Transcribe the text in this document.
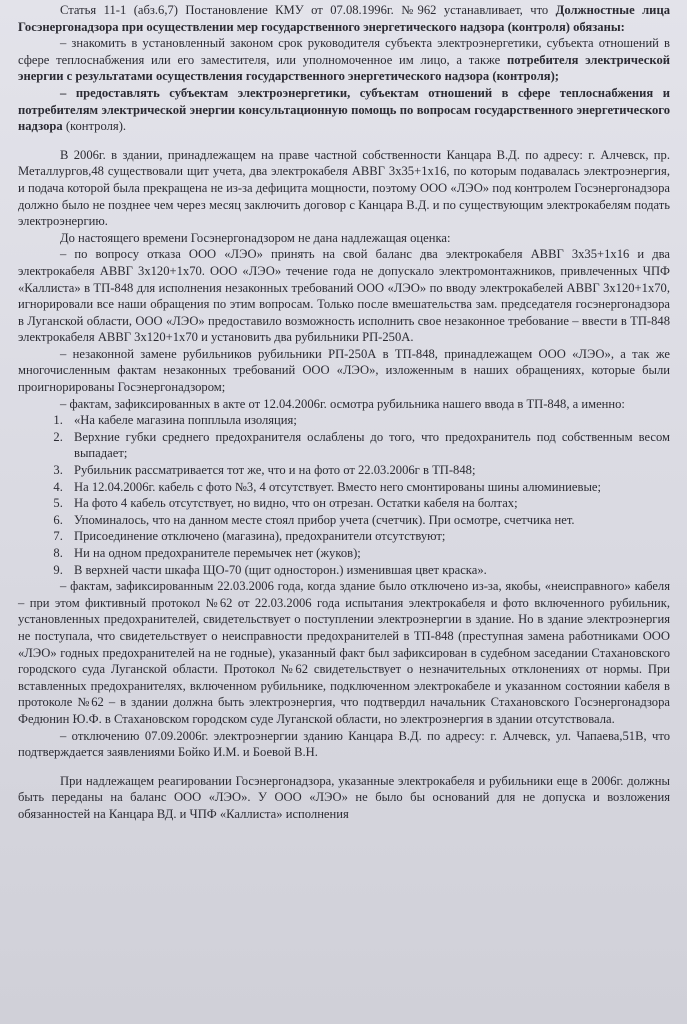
Статья 11-1 (абз.6,7) Постановление КМУ от 07.08.1996г. №962 устанавливает, что Должностные лица Госэнергонадзора при осуществлении мер государственного энергетического надзора (контроля) обязаны:

– знакомить в установленный законом срок руководителя субъекта электроэнергетики, субъекта отношений в сфере теплоснабжения или его заместителя, или уполномоченное им лицо, а также потребителя электрической энергии с результатами осуществления государственного энергетического надзора (контроля);

– предоставлять субъектам электроэнергетики, субъектам отношений в сфере теплоснабжения и потребителям электрической энергии консультационную помощь по вопросам государственного энергетического надзора (контроля).

В 2006г. в здании, принадлежащем на праве частной собственности Канцара В.Д. по адресу: г. Алчевск, пр. Металлургов,48 существовали щит учета, два электрокабеля АВВГ 3х35+1х16, по которым подавалась электроэнергия, и подача которой была прекращена не из-за дефицита мощности, поэтому ООО «ЛЭО» под контролем Госэнергонадзора должно было не позднее чем через месяц заключить договор с Канцара В.Д. и по существующим электрокабелям подать электроэнергию.

До настоящего времени Госэнергонадзором не дана надлежащая оценка:

– по вопросу отказа ООО «ЛЭО» принять на свой баланс два электрокабеля АВВГ 3х35+1х16 и два электрокабеля АВВГ 3х120+1х70. ООО «ЛЭО» течение года не допускало электромонтажников, привлеченных ЧПФ «Каллиста» в ТП-848 для исполнения незаконных требований ООО «ЛЭО» по вводу электрокабелей АВВГ 3х120+1х70, игнорировали все наши обращения по этим вопросам. Только после вмешательства зам. председателя госэнергонадзора в Луганской области, ООО «ЛЭО» предоставило возможность исполнить свое незаконное требование – ввести в ТП-848 электрокабеля АВВГ 3х120+1х70 и установить два рубильники РП-250А.

– незаконной замене рубильников рубильники РП-250А в ТП-848, принадлежащем ООО «ЛЭО», а так же многочисленным фактам незаконных требований ООО «ЛЭО», изложенным в наших обращениях, которые были проигнорированы Госэнергонадзором;

– фактам, зафиксированных в акте от 12.04.2006г. осмотра рубильника нашего ввода в ТП-848, а именно:

1. «На кабеле магазина попплыла изоляция;
2. Верхние губки среднего предохранителя ослаблены до того, что предохранитель под собственным весом выпадает;
3. Рубильник рассматривается тот же, что и на фото от 22.03.2006г в ТП-848;
4. На 12.04.2006г. кабель с фото №3, 4 отсутствует. Вместо него смонтированы шины алюминиевые;
5. На фото 4 кабель отсутствует, но видно, что он отрезан. Остатки кабеля на болтах;
6. Упоминалось, что на данном месте стоял прибор учета (счетчик). При осмотре, счетчика нет.
7. Присоединение отключено (магазина), предохранители отсутствуют;
8. Ни на одном предохранителе перемычек нет (жуков);
9. В верхней части шкафа ЩО-70 (щит односторон.) изменившая цвет краска».

– фактам, зафиксированным 22.03.2006 года, когда здание было отключено из-за, якобы, «неисправного» кабеля – при этом фиктивный протокол №62 от 22.03.2006 года испытания электрокабеля и фото включенного рубильник, установленных предохранителей, свидетельствует о поступлении электроэнергии в здание. Но в здание электроэнергия не поступала, что свидетельствует о неисправности предохранителей в ТП-848 (преступная замена работниками ООО «ЛЭО» годных предохранителей на не годные), указанный факт был зафиксирован в судебном заседании Стахановского городского суда Луганской области. Протокол №62 свидетельствует о незначительных отклонениях от нормы. При вставленных предохранителях, включенном рубильнике, подключенном электрокабеле и указанном состоянии кабеля в протоколе №62 – в здании должна быть электроэнергия, что подтвердил начальник Стахановского Госэнергонадзора Федюнин Ю.Ф. в Стахановском городском суде Луганской области, но электроэнергия в здании отсутствовала.

– отключению 07.09.2006г. электроэнергии зданию Канцара В.Д. по адресу: г. Алчевск, ул. Чапаева,51В, что подтверждается заявлениями Бойко И.М. и Боевой В.Н.

При надлежащем реагировании Госэнергонадзора, указанные электрокабеля и рубильники еще в 2006г. должны быть переданы на баланс ООО «ЛЭО». У ООО «ЛЭО» не было бы оснований для не допуска и возложения обязанностей на Канцара ВД. и ЧПФ «Каллиста» исполнения
